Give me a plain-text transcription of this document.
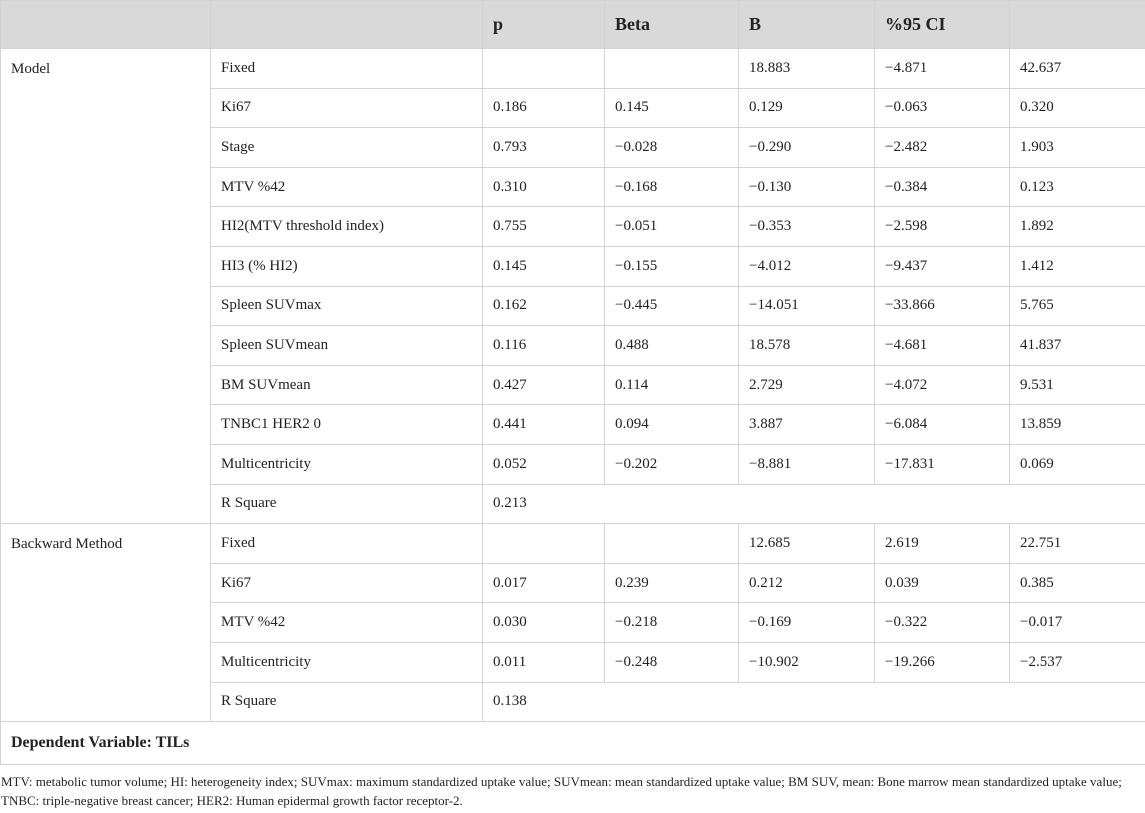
		p	Beta	B	%95 CI	
Model	Fixed			18.883	−4.871	42.637
	Ki67	0.186	0.145	0.129	−0.063	0.320
	Stage	0.793	−0.028	−0.290	−2.482	1.903
	MTV %42	0.310	−0.168	−0.130	−0.384	0.123
	HI2(MTV threshold index)	0.755	−0.051	−0.353	−2.598	1.892
	HI3 (% HI2)	0.145	−0.155	−4.012	−9.437	1.412
	Spleen SUVmax	0.162	−0.445	−14.051	−33.866	5.765
	Spleen SUVmean	0.116	0.488	18.578	−4.681	41.837
	BM SUVmean	0.427	0.114	2.729	−4.072	9.531
	TNBC1 HER2 0	0.441	0.094	3.887	−6.084	13.859
	Multicentricity	0.052	−0.202	−8.881	−17.831	0.069
	R Square	0.213				
Backward Method	Fixed			12.685	2.619	22.751
	Ki67	0.017	0.239	0.212	0.039	0.385
	MTV %42	0.030	−0.218	−0.169	−0.322	−0.017
	Multicentricity	0.011	−0.248	−10.902	−19.266	−2.537
	R Square	0.138				
Dependent Variable: TILs						
MTV: metabolic tumor volume; HI: heterogeneity index; SUVmax: maximum standardized uptake value; SUVmean: mean standardized uptake value; BM SUV, mean: Bone marrow mean standardized uptake value; TNBC: triple-negative breast cancer; HER2: Human epidermal growth factor receptor-2.
